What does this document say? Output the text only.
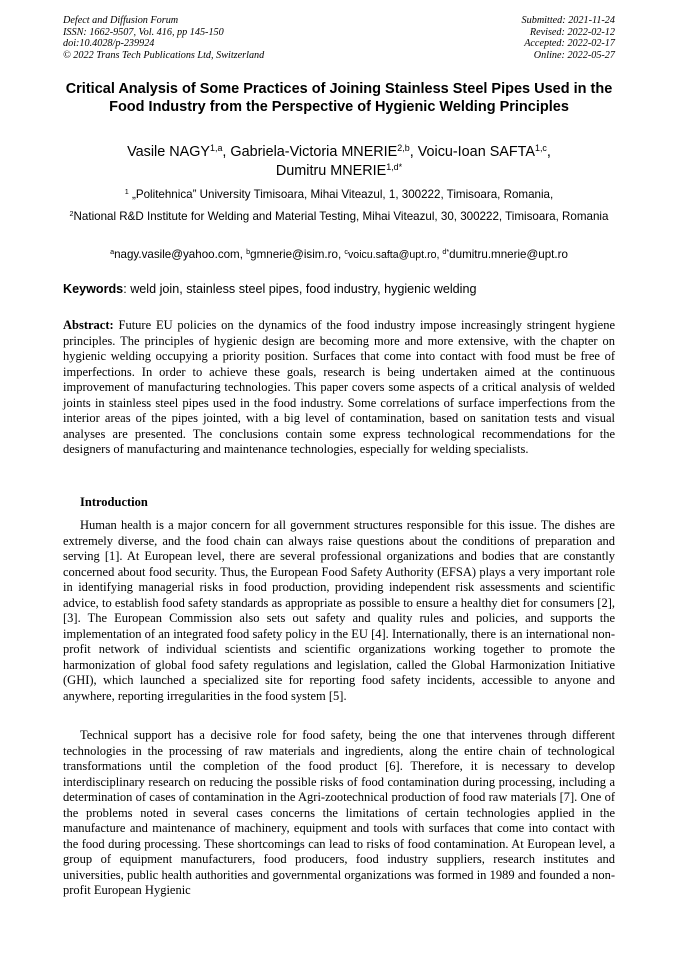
Defect and Diffusion Forum
ISSN: 1662-9507, Vol. 416, pp 145-150
doi:10.4028/p-239924
© 2022 Trans Tech Publications Ltd, Switzerland
Submitted: 2021-11-24
Revised: 2022-02-12
Accepted: 2022-02-17
Online: 2022-05-27
Critical Analysis of Some Practices of Joining Stainless Steel Pipes Used in the Food Industry from the Perspective of Hygienic Welding Principles
Vasile NAGY$^{1,a}$, Gabriela-Victoria MNERIE$^{2,b}$, Voicu-Ioan SAFTA$^{1,c}$,
Dumitru $MNERIE^{1,d*}$
$^1$ „Politehnica” University Timisoara, Mihai Viteazul, 1, 300222, Timisoara, Romania,
$^2$National R&D Institute for Welding and Material Testing, Mihai Viteazul, 30, 300222, Timisoara, Romania
$^a$nagy.vasile@yahoo.com, $^b$gmnerie@isim.ro, $^c$voicu.safta@upt.ro, $^{d*}$dumitru.mnerie@upt.ro
Keywords: weld join, stainless steel pipes, food industry, hygienic welding
Abstract: Future EU policies on the dynamics of the food industry impose increasingly stringent hygiene principles. The principles of hygienic design are becoming more and more extensive, with the chapter on hygienic welding occupying a priority position. Surfaces that come into contact with food must be free of imperfections. In order to achieve these goals, research is being undertaken aimed at the continuous improvement of manufacturing technologies. This paper covers some aspects of a critical analysis of welded joints in stainless steel pipes used in the food industry. Some correlations of surface imperfections from the interior areas of the pipes jointed, with a big level of contamination, based on sanitation tests and visual analyses are presented. The conclusions contain some express technological recommendations for the designers of manufacturing and maintenance technologies, especially for welding specialists.
Introduction
Human health is a major concern for all government structures responsible for this issue. The dishes are extremely diverse, and the food chain can always raise questions about the conditions of preparation and serving [1]. At European level, there are several professional organizations and bodies that are constantly concerned about food security. Thus, the European Food Safety Authority (EFSA) plays a very important role in identifying managerial risks in food production, providing independent risk assessments and scientific advice, to establish food safety standards as appropriate as possible to ensure a healthy diet for consumers [2], [3]. The European Commission also sets out safety and quality rules and policies, and supports the implementation of an integrated food safety policy in the EU [4]. Internationally, there is an international non-profit network of individual scientists and scientific organizations working together to promote the harmonization of global food safety regulations and legislation, called the Global Harmonization Initiative (GHI), which launched a specialized site for reporting food safety incidents, accessible to anyone and anywhere, reporting irregularities in the food system [5].
Technical support has a decisive role for food safety, being the one that intervenes through different technologies in the processing of raw materials and ingredients, along the entire chain of technological transformations until the completion of the food product [6]. Therefore, it is necessary to develop interdisciplinary research on reducing the possible risks of food contamination during processing, including a determination of cases of contamination in the Agri-zootechnical production of food raw materials [7]. One of the problems noted in several cases concerns the limitations of certain technologies applied in the manufacture and maintenance of machinery, equipment and tools with surfaces that come into contact with the food during processing. These shortcomings can lead to risks of food contamination. At European level, a group of equipment manufacturers, food producers, food industry suppliers, research institutes and universities, public health authorities and governmental organizations was formed in 1989 and founded a non-profit European Hygienic
